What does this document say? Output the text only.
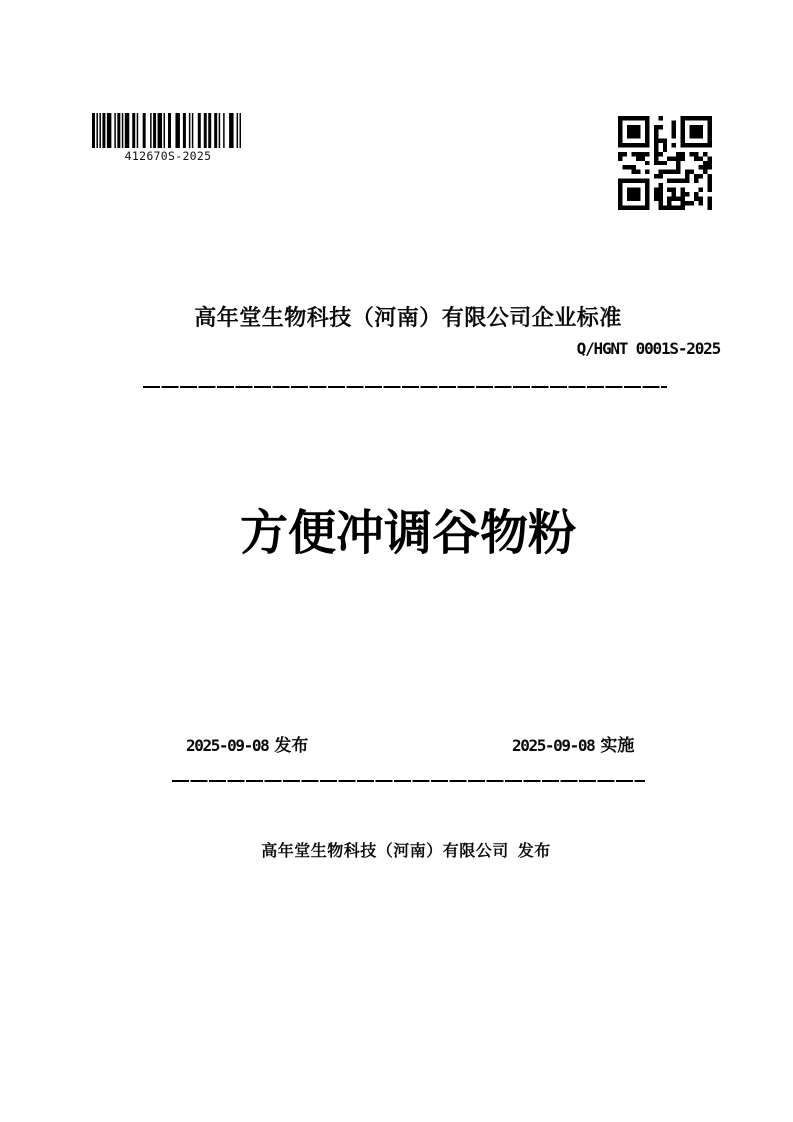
412670S-2025
高年堂生物科技（河南）有限公司企业标准
Q/HGNT 0001S-2025
方便冲调谷物粉
2025-09-08 发布	2025-09-08 实施
高年堂生物科技（河南）有限公司 发布
